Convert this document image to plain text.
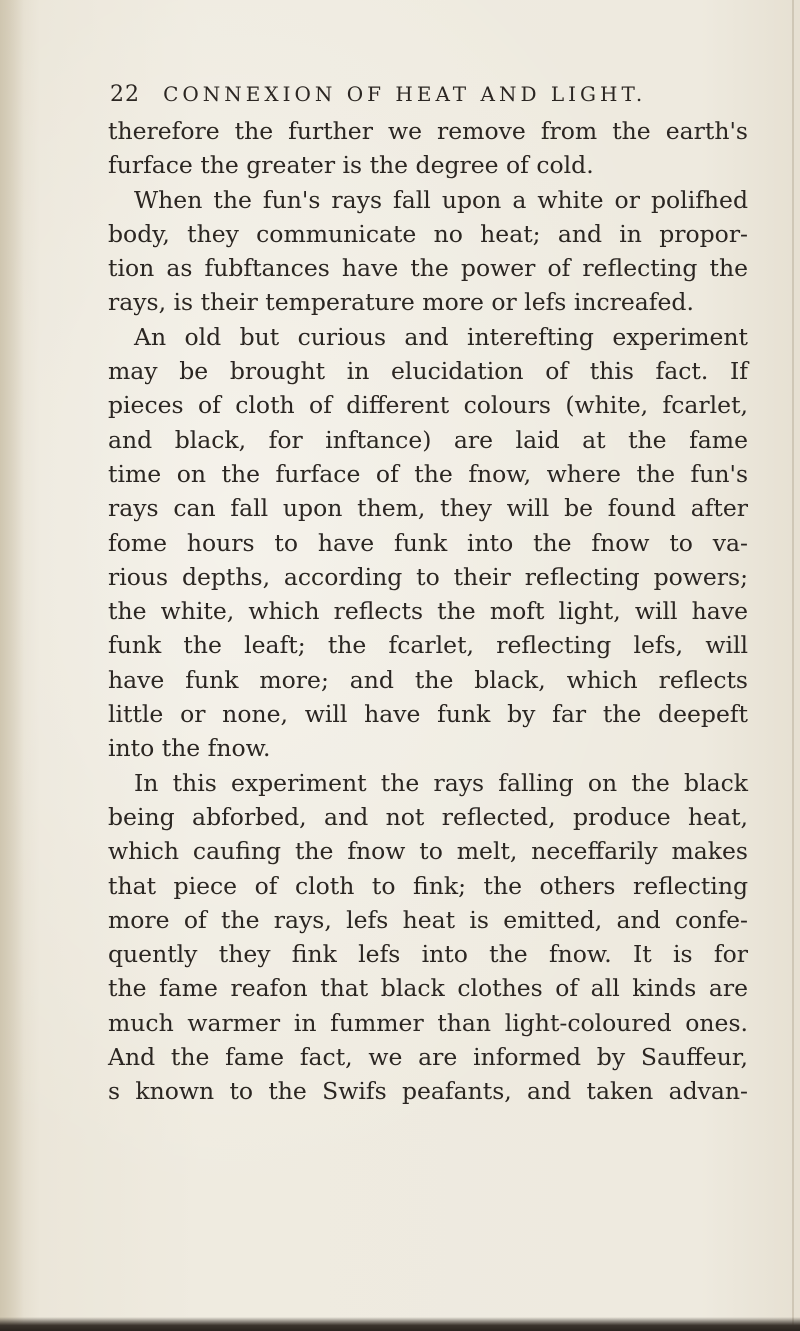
22 CONNEXION OF HEAT AND LIGHT.
therefore the further we remove from the earth's
furface the greater is the degree of cold.
When the fun's rays fall upon a white or polifhed
body, they communicate no heat; and in propor-
tion as fubftances have the power of reflecting the
rays, is their temperature more or lefs increafed.
An old but curious and interefting experiment
may be brought in elucidation of this fact. If
pieces of cloth of different colours (white, fcarlet,
and black, for inftance) are laid at the fame
time on the furface of the fnow, where the fun's
rays can fall upon them, they will be found after
fome hours to have funk into the fnow to va-
rious depths, according to their reflecting powers;
the white, which reflects the moft light, will have
funk the leaft; the fcarlet, reflecting lefs, will
have funk more; and the black, which reflects
little or none, will have funk by far the deepeft
into the fnow.
In this experiment the rays falling on the black
being abforbed, and not reflected, produce heat,
which caufing the fnow to melt, neceffarily makes
that piece of cloth to fink; the others reflecting
more of the rays, lefs heat is emitted, and confe-
quently they fink lefs into the fnow. It is for
the fame reafon that black clothes of all kinds are
much warmer in fummer than light-coloured ones.
And the fame fact, we are informed by Sauffeur,
s known to the Swifs peafants, and taken advan-
